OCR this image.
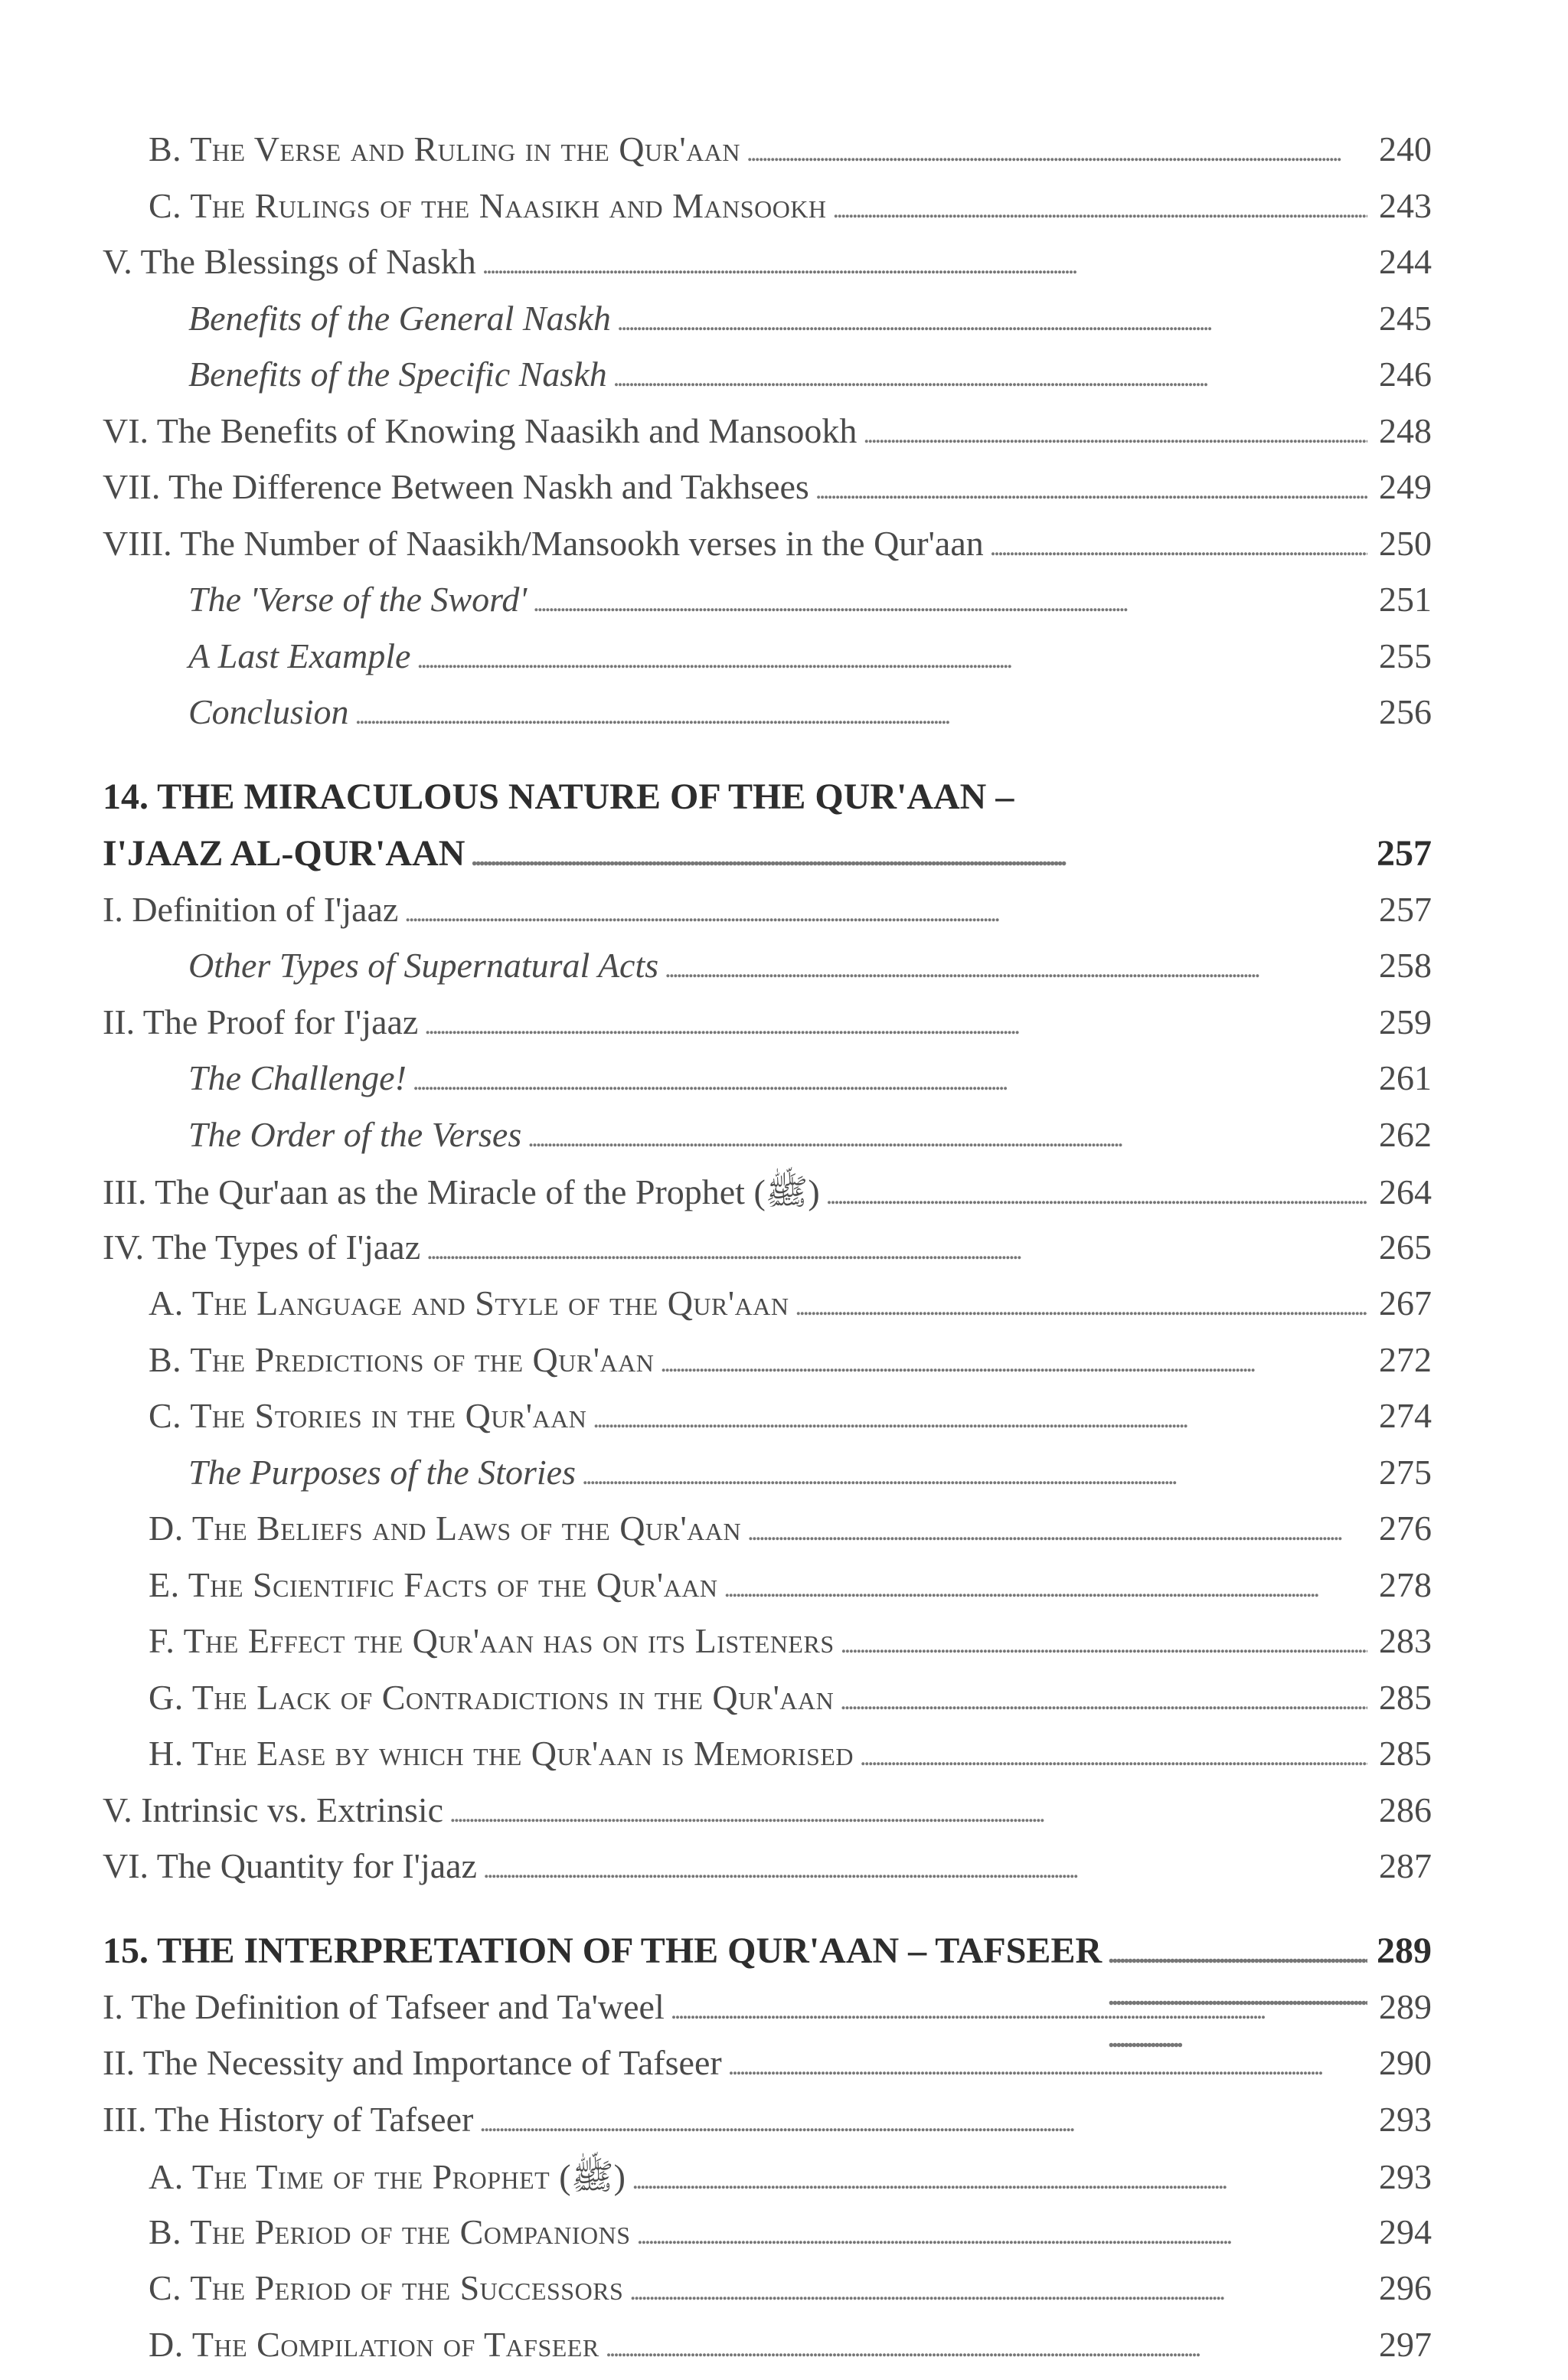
B. The Verse and Ruling in the Qur'aan . . .	240
C. The Rulings of the Naasikh and Mansookh . . .	243
V. The Blessings of Naskh . . .	244
Benefits of the General Naskh . . .	245
Benefits of the Specific Naskh . . .	246
VI. The Benefits of Knowing Naasikh and Mansookh . . .	248
VII. The Difference Between Naskh and Takhsees . . .	249
VIII. The Number of Naasikh/Mansookh verses in the Qur'aan . . .	250
The 'Verse of the Sword' . . .	251
A Last Example . . .	255
Conclusion . . .	256
14. THE MIRACULOUS NATURE OF THE QUR'AAN –
I'JAAZ AL-QUR'AAN . . .	257
I. Definition of I'jaaz . . .	257
Other Types of Supernatural Acts . . .	258
II. The Proof for I'jaaz . . .	259
The Challenge! . . .	261
The Order of the Verses . . .	262
III. The Qur'aan as the Miracle of the Prophet (ﷺ) . . .	264
IV. The Types of I'jaaz . . .	265
A. The Language and Style of the Qur'aan . . .	267
B. The Predictions of the Qur'aan . . .	272
C. The Stories in the Qur'aan . . .	274
The Purposes of the Stories . . .	275
D. The Beliefs and Laws of the Qur'aan . . .	276
E. The Scientific Facts of the Qur'aan . . .	278
F. The Effect the Qur'aan has on its Listeners . . .	283
G. The Lack of Contradictions in the Qur'aan . . .	285
H. The Ease by which the Qur'aan is Memorised . . .	285
V. Intrinsic vs. Extrinsic . . .	286
VI. The Quantity for I'jaaz . . .	287
15. THE INTERPRETATION OF THE QUR'AAN – TAFSEER . . .	289
I. The Definition of Tafseer and Ta'weel . . .	289
II. The Necessity and Importance of Tafseer . . .	290
III. The History of Tafseer . . .	293
A. The Time of the Prophet (ﷺ) . . .	293
B. The Period of the Companions . . .	294
C. The Period of the Successors . . .	296
D. The Compilation of Tafseer . . .	297
